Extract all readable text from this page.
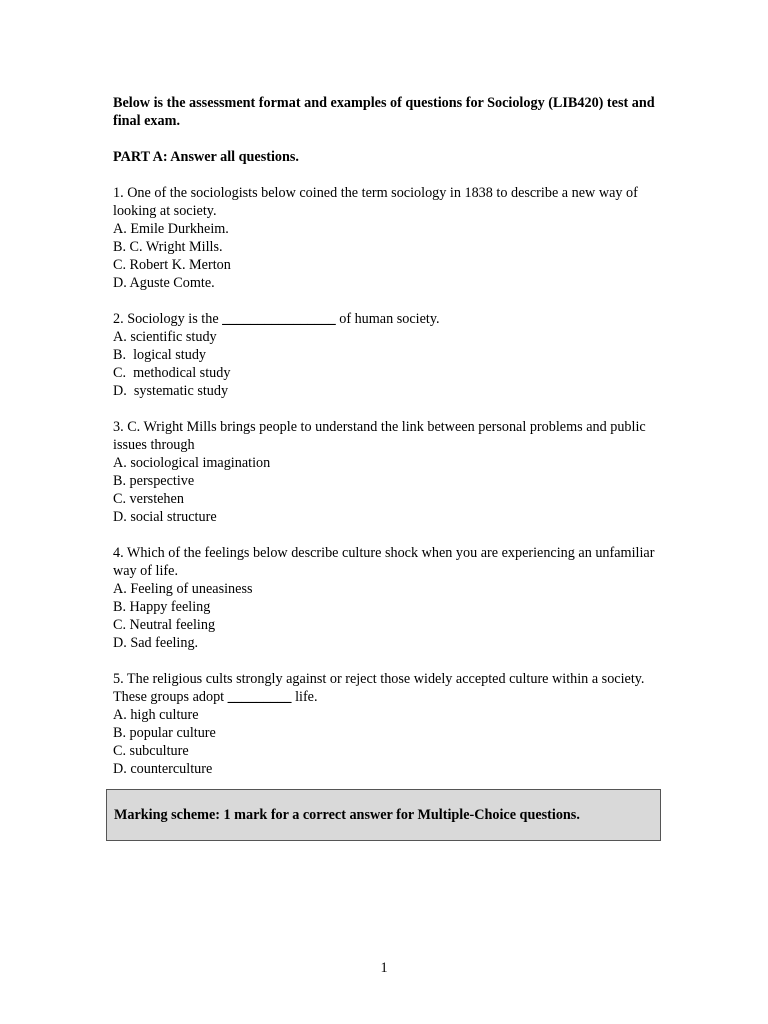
Below is the assessment format and examples of questions for Sociology (LIB420) test and final exam.

PART A: Answer all questions.

1. One of the sociologists below coined the term sociology in 1838 to describe a new way of looking at society.

A. Emile Durkheim.

B. C. Wright Mills.

C. Robert K. Merton

D. Aguste Comte.

2. Sociology is the ________________ of human society.

A. scientific study

B.  logical study

C.  methodical study

D.  systematic study

3. C. Wright Mills brings people to understand the link between personal problems and public issues through

A. sociological imagination

B. perspective

C. verstehen

D. social structure

4. Which of the feelings below describe culture shock when you are experiencing an unfamiliar way of life.

A. Feeling of uneasiness

B. Happy feeling

C. Neutral feeling

D. Sad feeling.

5. The religious cults strongly against or reject those widely accepted culture within a society. These groups adopt _________ life.

A. high culture

B. popular culture

C. subculture

D. counterculture

Marking scheme: 1 mark for a correct answer for Multiple-Choice questions.
1
